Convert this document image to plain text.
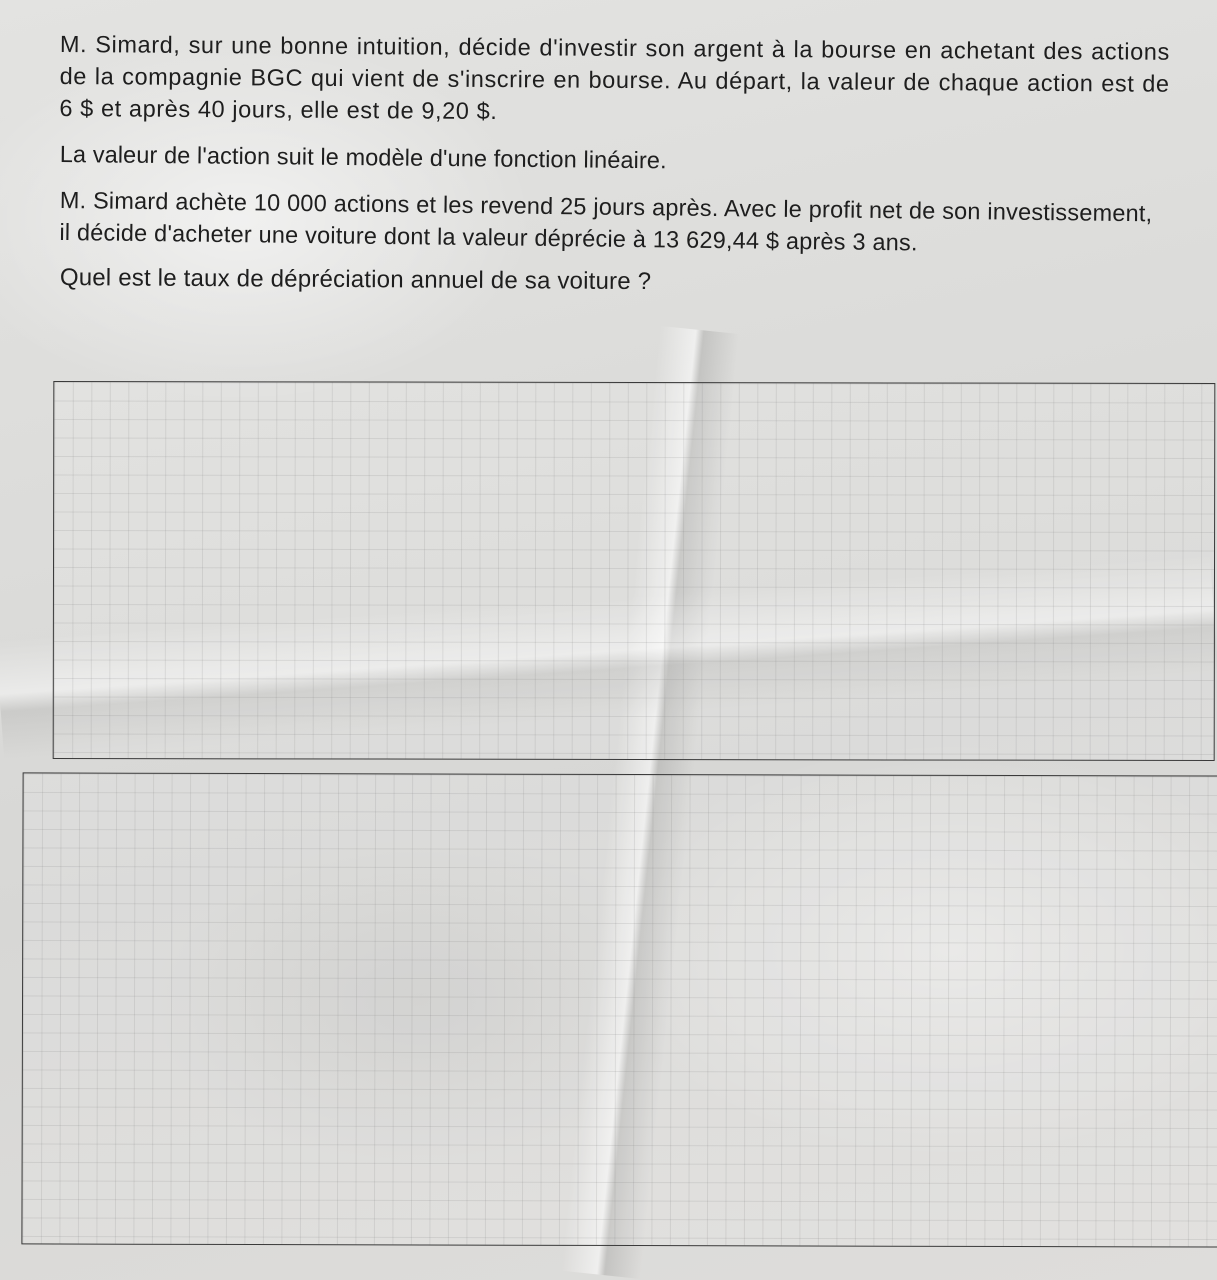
M. Simard, sur une bonne intuition, décide d'investir son argent à la bourse en achetant des actions de la compagnie BGC qui vient de s'inscrire en bourse. Au départ, la valeur de chaque action est de 6 $ et après 40 jours, elle est de 9,20 $.

La valeur de l'action suit le modèle d'une fonction linéaire.

M. Simard achète 10 000 actions et les revend 25 jours après. Avec le profit net de son investissement, il décide d'acheter une voiture dont la valeur déprécie à 13 629,44 $ après 3 ans.

Quel est le taux de dépréciation annuel de sa voiture ?
